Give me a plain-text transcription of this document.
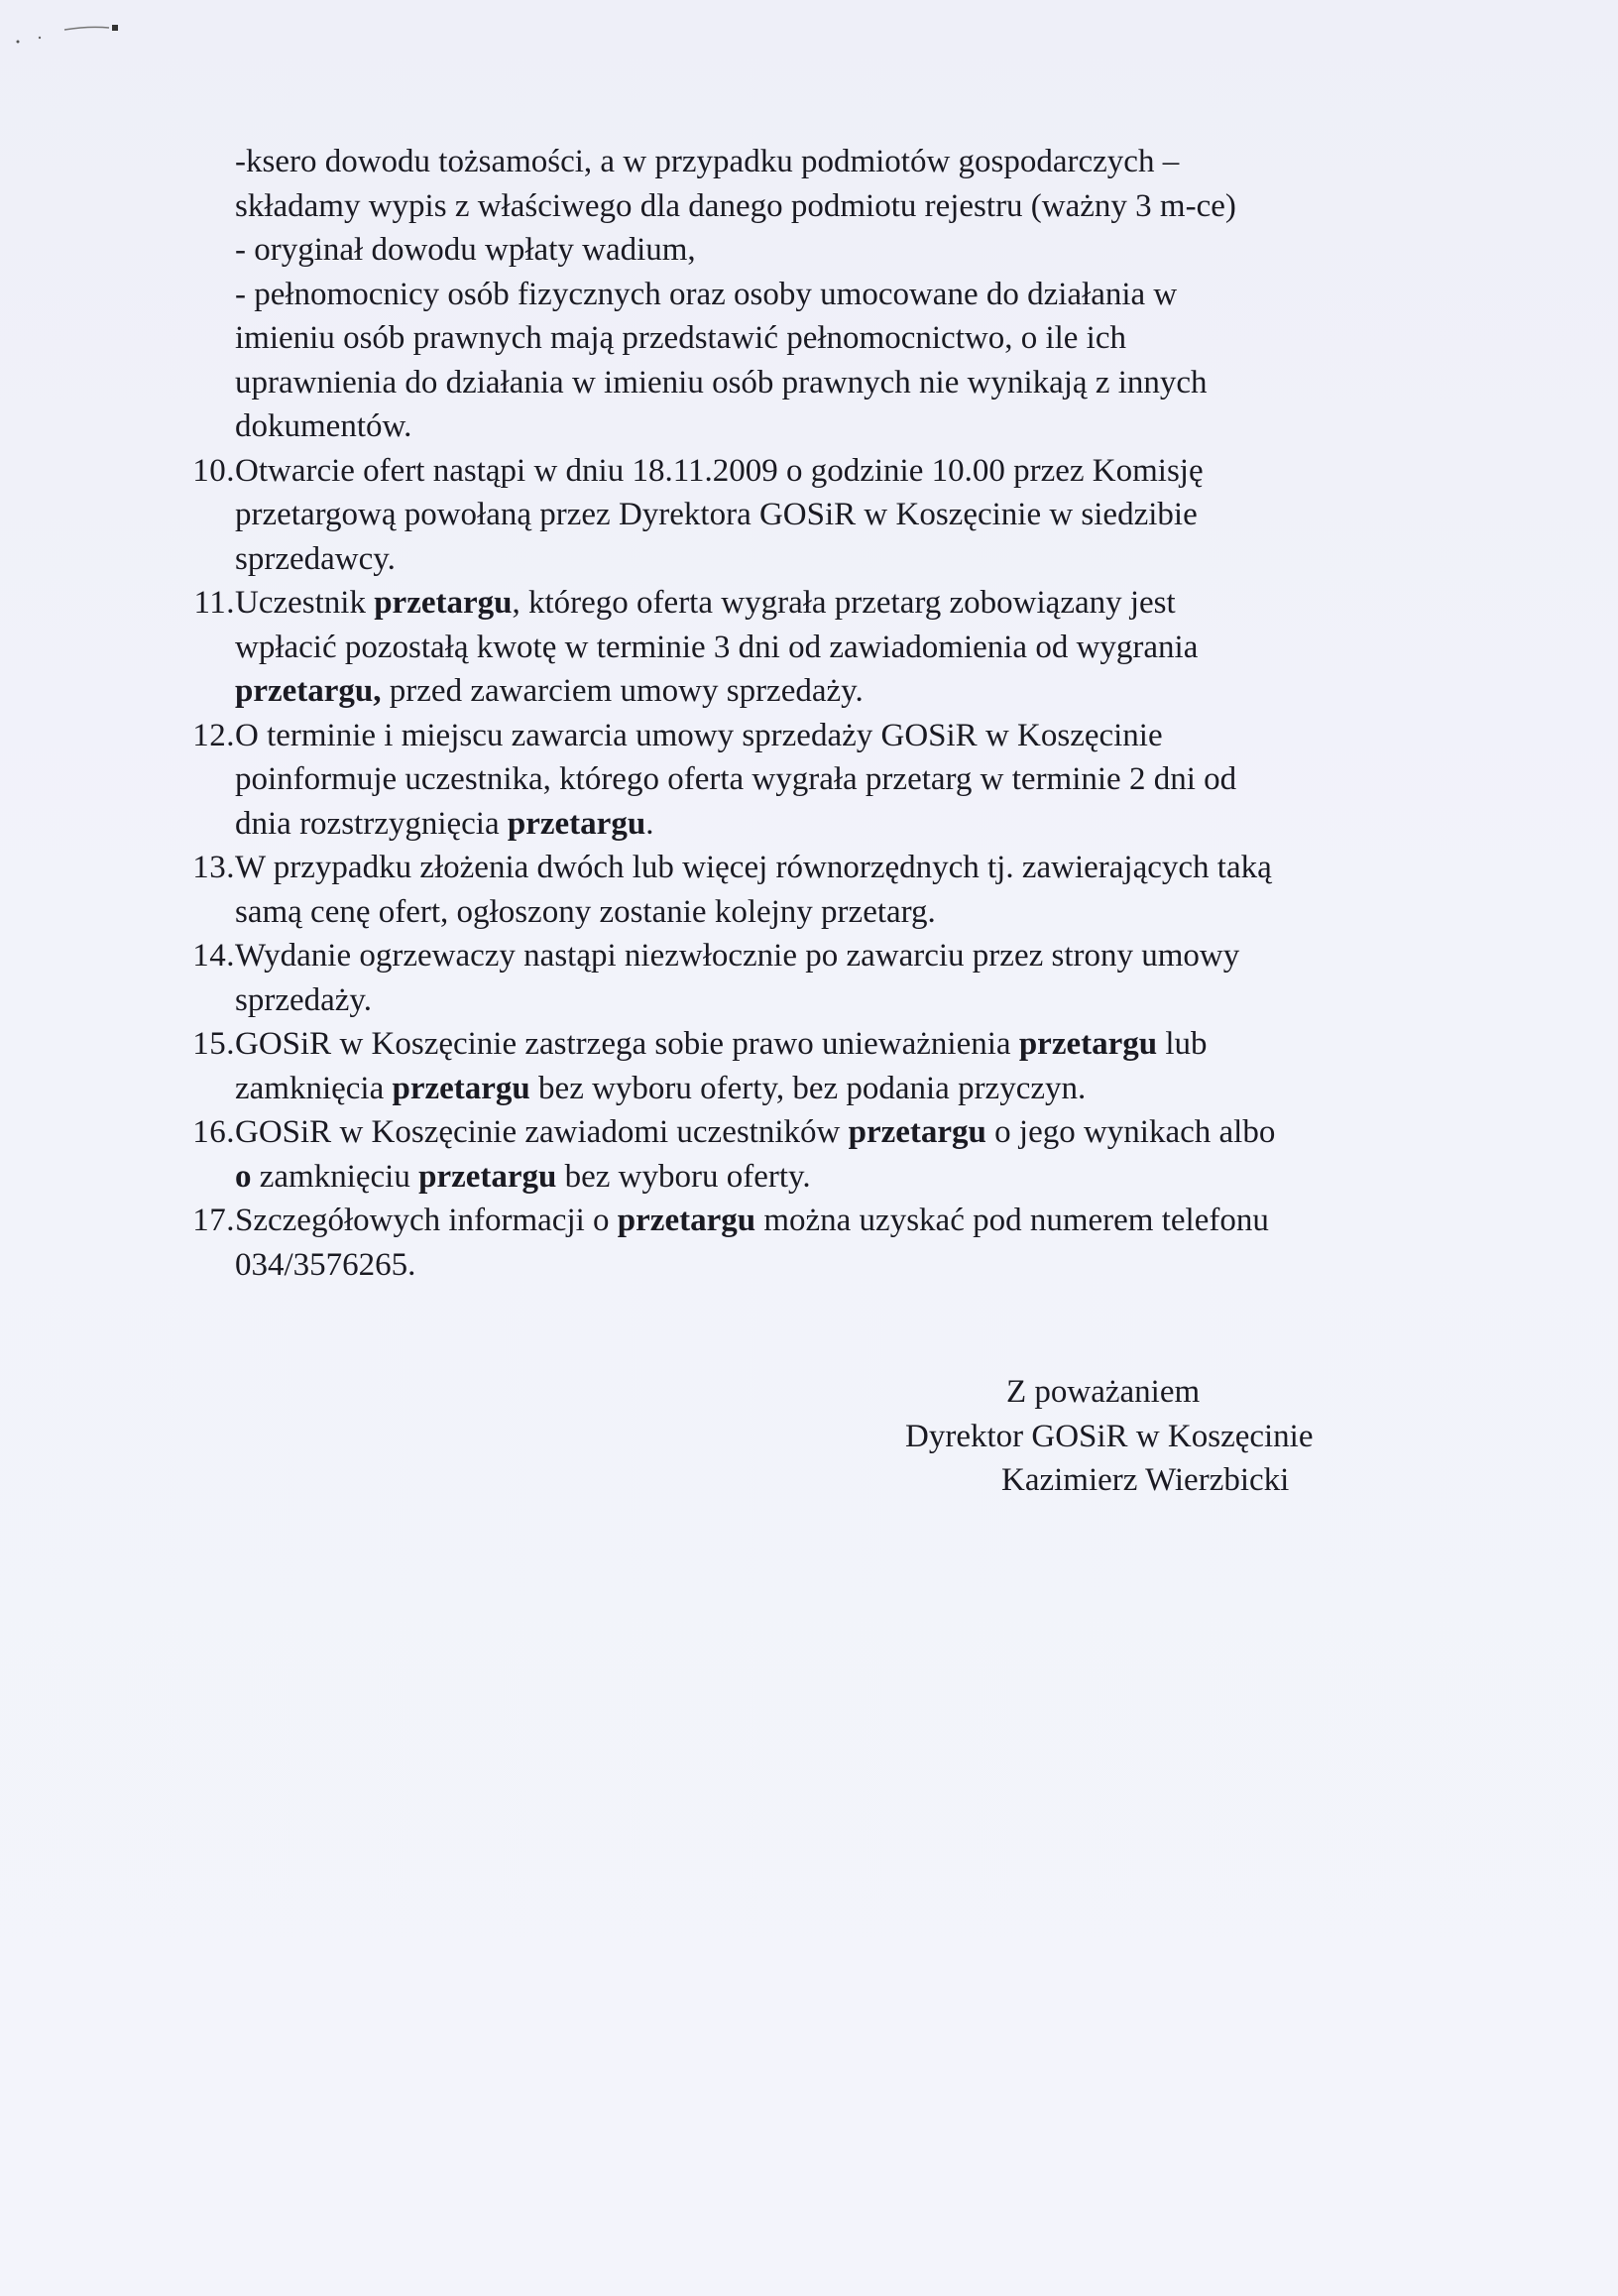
-ksero dowodu tożsamości, a w przypadku podmiotów gospodarczych –
składamy wypis z właściwego dla danego podmiotu rejestru (ważny 3 m-ce)
- oryginał dowodu wpłaty wadium,
- pełnomocnicy osób fizycznych oraz osoby umocowane do działania w
imieniu osób prawnych mają przedstawić pełnomocnictwo, o ile ich
uprawnienia do działania w imieniu osób prawnych nie wynikają z innych
dokumentów.
10. Otwarcie ofert nastąpi w dniu 18.11.2009 o godzinie 10.00 przez Komisję
przetargową powołaną przez Dyrektora GOSiR w Koszęcinie w siedzibie
sprzedawcy.
11. Uczestnik przetargu, którego oferta wygrała przetarg zobowiązany jest
wpłacić pozostałą kwotę w terminie 3 dni od zawiadomienia od wygrania
przetargu, przed zawarciem umowy sprzedaży.
12. O terminie i miejscu zawarcia umowy sprzedaży GOSiR w Koszęcinie
poinformuje uczestnika, którego oferta wygrała przetarg w terminie 2 dni od
dnia rozstrzygnięcia przetargu.
13. W przypadku złożenia dwóch lub więcej równorzędnych tj. zawierających taką
samą cenę ofert, ogłoszony zostanie kolejny przetarg.
14. Wydanie ogrzewaczy nastąpi niezwłocznie po zawarciu przez strony umowy
sprzedaży.
15. GOSiR w Koszęcinie zastrzega sobie prawo unieważnienia przetargu lub
zamknięcia przetargu bez wyboru oferty, bez podania przyczyn.
16. GOSiR w Koszęcinie zawiadomi uczestników przetargu o jego wynikach albo
o zamknięciu przetargu bez wyboru oferty.
17. Szczegółowych informacji o przetargu można uzyskać pod numerem telefonu
034/3576265.
Z poważaniem
Dyrektor GOSiR w Koszęcinie
Kazimierz Wierzbicki
